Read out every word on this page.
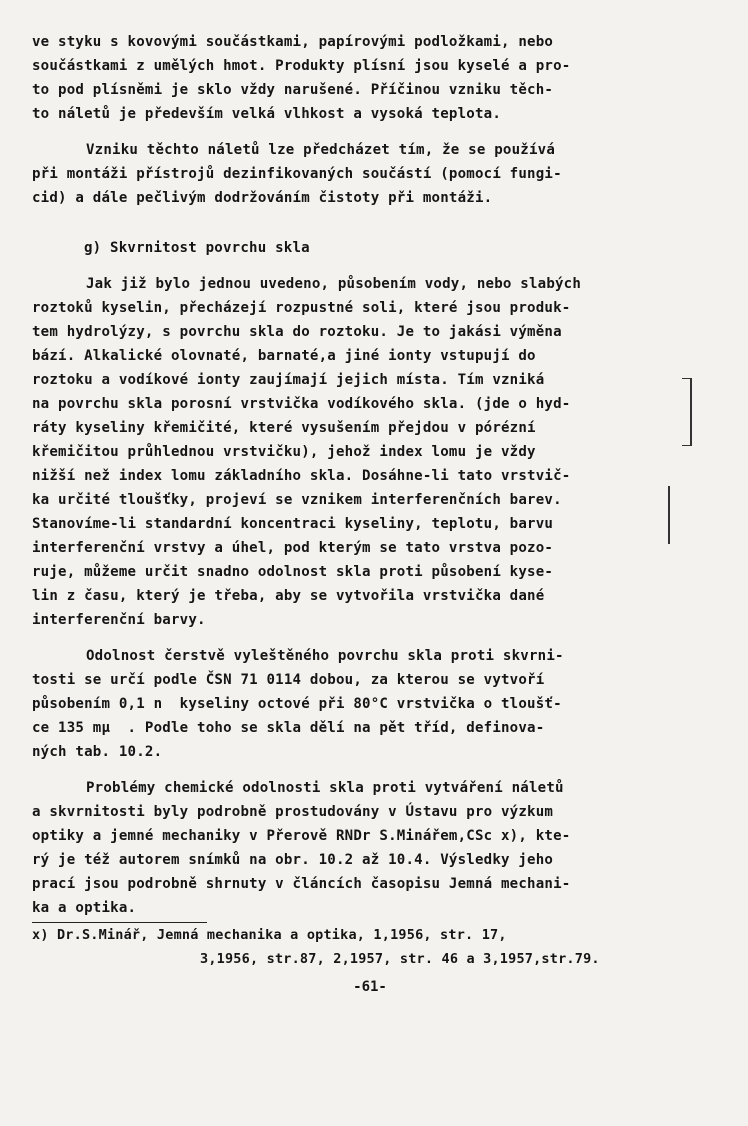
ve styku s kovovými součástkami, papírovými podložkami, nebo
součástkami z umělých hmot. Produkty plísní jsou kyselé a pro-
to pod plísněmi je sklo vždy narušené. Příčinou vzniku těch-
to náletů je především velká vlhkost a vysoká teplota.
Vzniku těchto náletů lze předcházet tím, že se používá
při montáži přístrojů dezinfikovaných součástí (pomocí fungi-
cid) a dále pečlivým dodržováním čistoty při montáži.
g) Skvrnitost povrchu skla
Jak již bylo jednou uvedeno, působením vody, nebo slabých
roztoků kyselin, přecházejí rozpustné soli, které jsou produk-
tem hydrolýzy, s povrchu skla do roztoku. Je to jakási výměna
bází. Alkalické olovnaté, barnaté,a jiné ionty vstupují do
roztoku a vodíkové ionty zaujímají jejich místa. Tím vzniká
na povrchu skla porosní vrstvička vodíkového skla. (jde o hyd-
ráty kyseliny křemičité, které vysušením přejdou v pórézní
křemičitou průhlednou vrstvičku), jehož index lomu je vždy
nižší než index lomu základního skla. Dosáhne-li tato vrstvič-
ka určité tloušťky, projeví se vznikem interferenčních barev.
Stanovíme-li standardní koncentraci kyseliny, teplotu, barvu
interferenční vrstvy a úhel, pod kterým se tato vrstva pozo-
ruje, můžeme určit snadno odolnost skla proti působení kyse-
lin z času, který je třeba, aby se vytvořila vrstvička dané
interferenční barvy.
Odolnost čerstvě vyleštěného povrchu skla proti skvrni-
tosti se určí podle ČSN 71 0114 dobou, za kterou se vytvoří
působením 0,1 n  kyseliny octové při 80°C vrstvička o tloušť-
ce 135 mμ  . Podle toho se skla dělí na pět tříd, definova-
ných tab. 10.2.
Problémy chemické odolnosti skla proti vytváření náletů
a skvrnitosti byly podrobně prostudovány v Ústavu pro výzkum
optiky a jemné mechaniky v Přerově RNDr S.Minářem,CSc x), kte-
rý je též autorem snímků na obr. 10.2 až 10.4. Výsledky jeho
prací jsou podrobně shrnuty v článcích časopisu Jemná mechani-
ka a optika.
x) Dr.S.Minář, Jemná mechanika a optika, 1,1956, str. 17,
3,1956, str.87, 2,1957, str. 46 a 3,1957,str.79.
-61-
